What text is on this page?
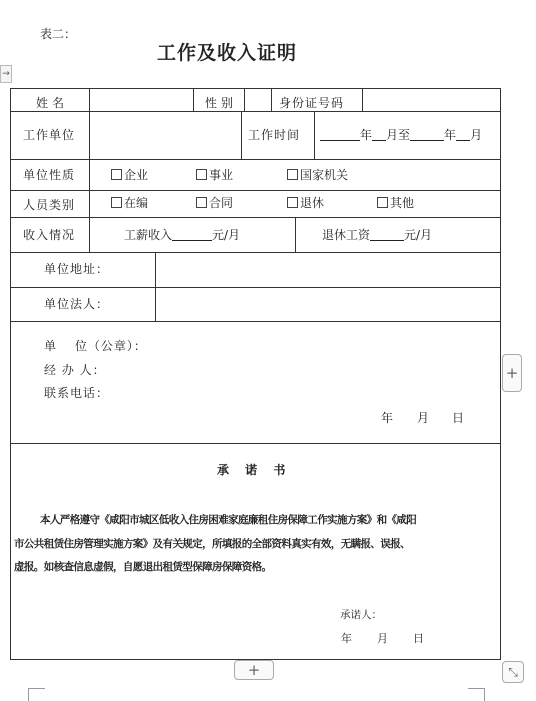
表二：
工作及收入证明
→
姓名	性别	身份证号码
工作单位	工作时间	年 月至	年 月
单位性质	企业	事业	国家机关
人员类别	在编	合同	退休	其他
收入情况	工薪收入	元/月	退休工资	元/月
单位地址：
单位法人：
单　 位（公章）：
经 办 人：
联系电话：
年 月 日
承 诺 书
本人严格遵守《咸阳市城区低收入住房困难家庭廉租住房保障工作实施方案》和《咸阳
市公共租赁住房管理实施方案》及有关规定，所填报的全部资料真实有效，无瞒报、误报、
虚报。如核查信息虚假，自愿退出租赁型保障房保障资格。
承诺人：
年 月 日
+
+	⤡
